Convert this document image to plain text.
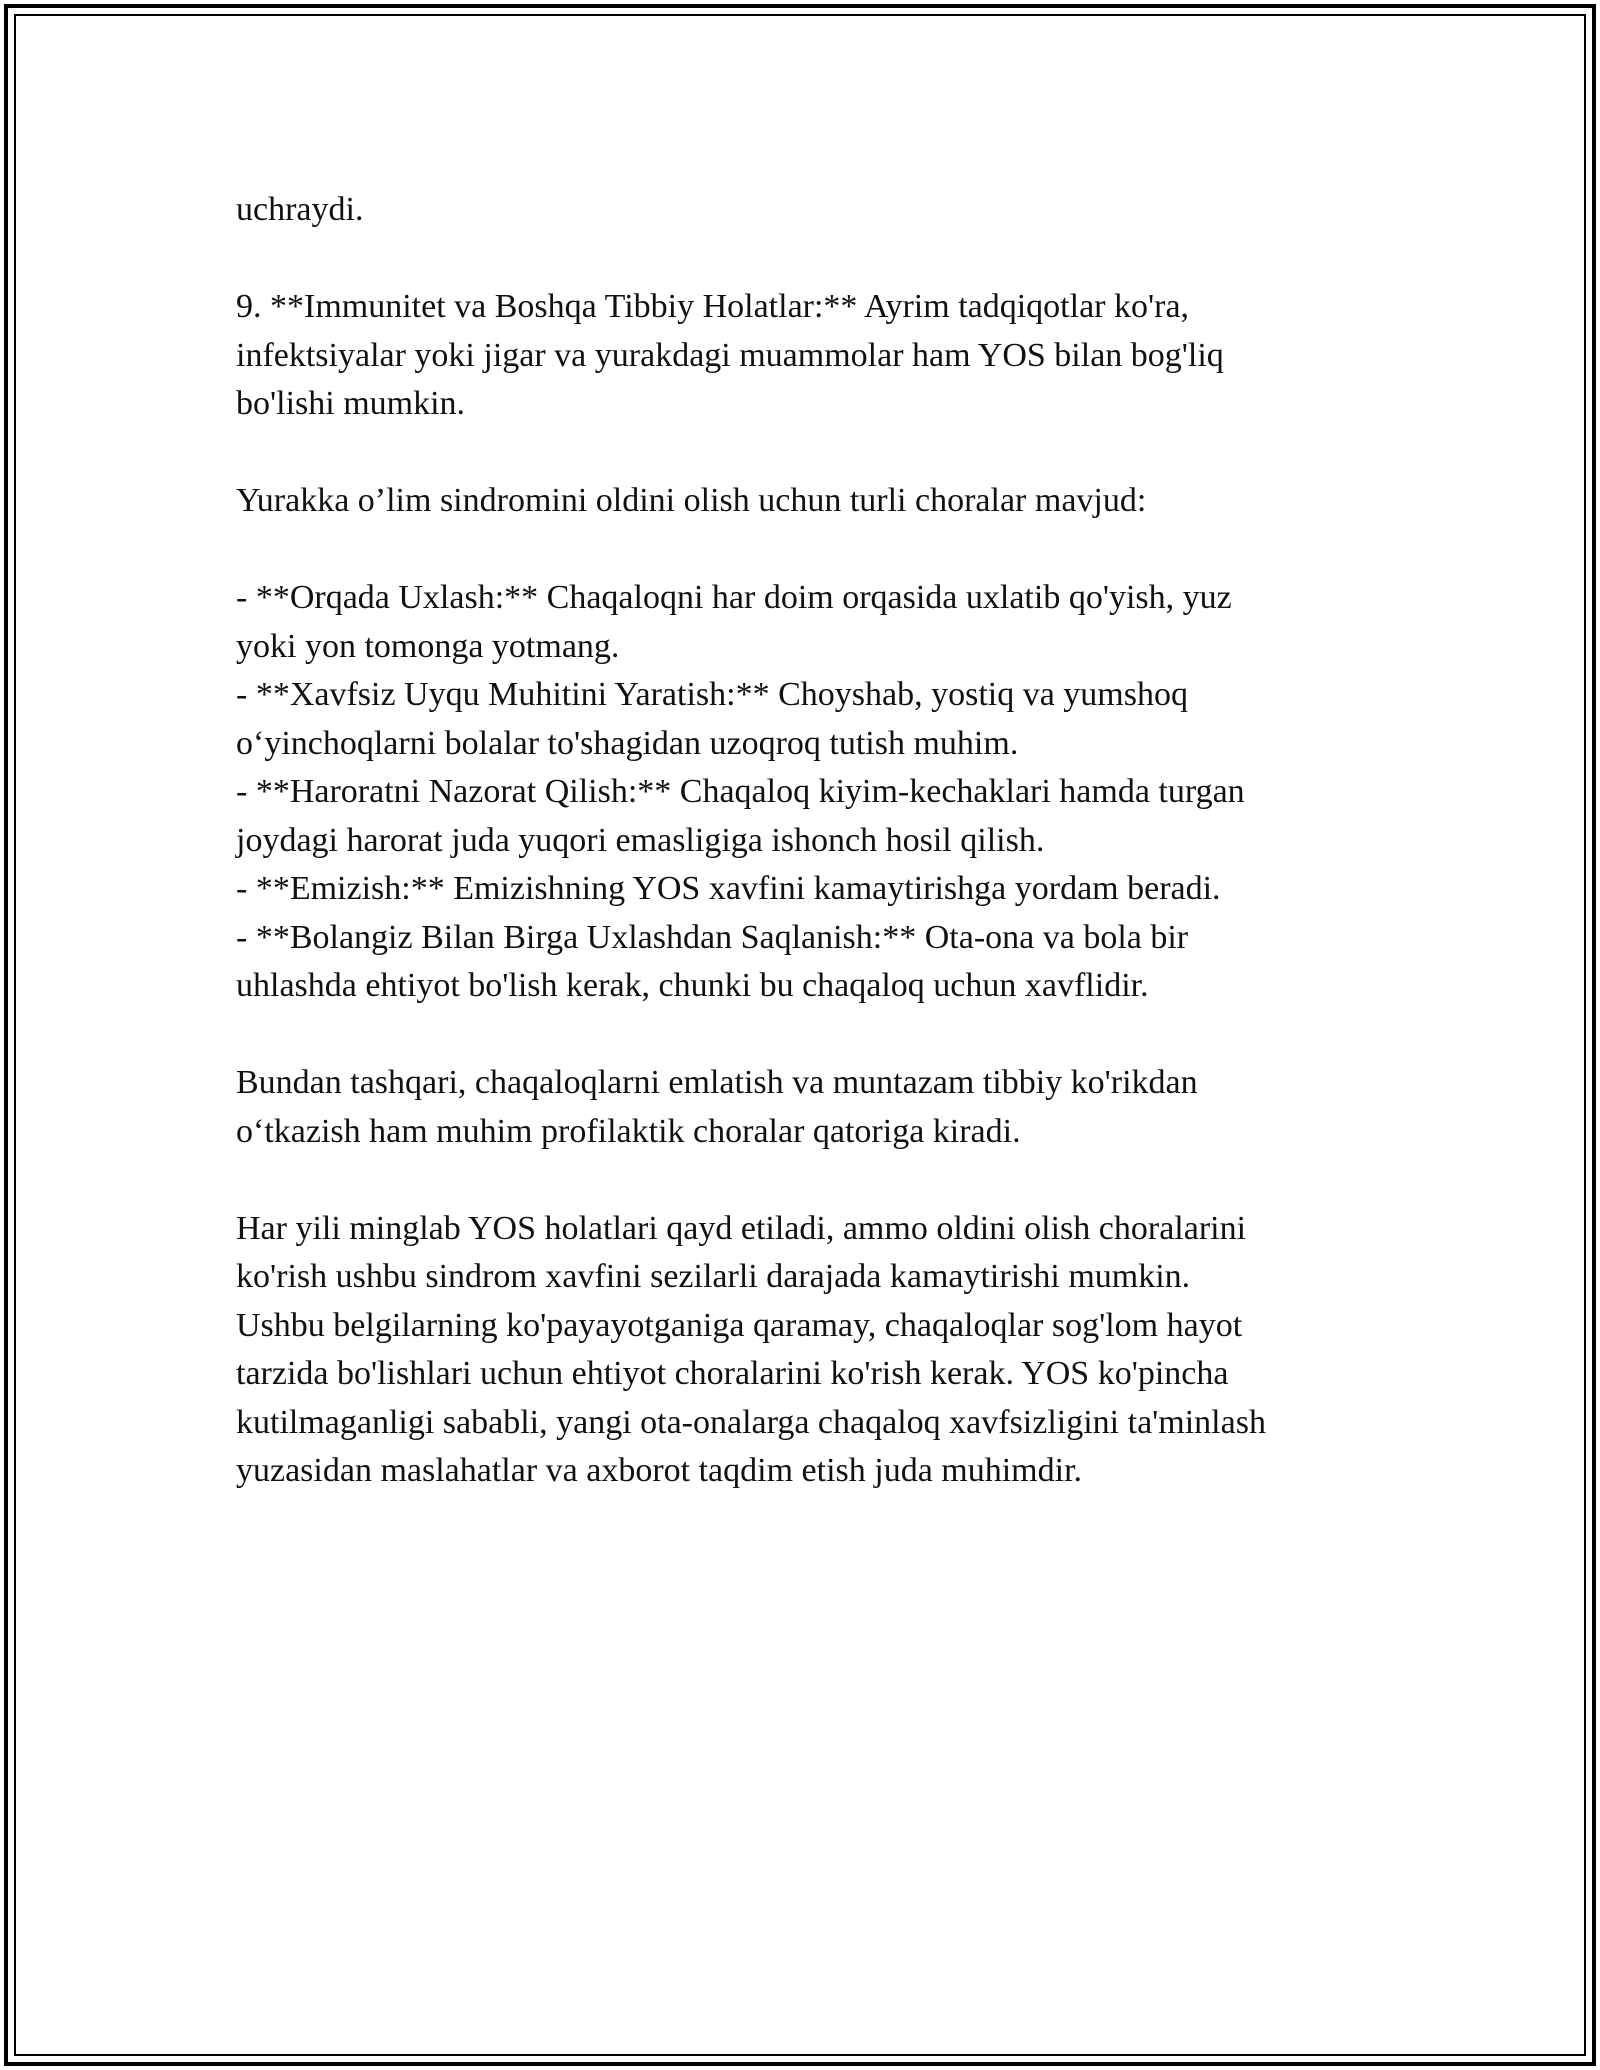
uchraydi.
9. **Immunitet va Boshqa Tibbiy Holatlar:** Ayrim tadqiqotlar ko'ra,
infektsiyalar yoki jigar va yurakdagi muammolar ham YOS bilan bog'liq
bo'lishi mumkin.
Yurakka o’lim sindromini oldini olish uchun turli choralar mavjud:
- **Orqada Uxlash:** Chaqaloqni har doim orqasida uxlatib qo'yish, yuz
yoki yon tomonga yotmang.
- **Xavfsiz Uyqu Muhitini Yaratish:** Choyshab, yostiq va yumshoq
o‘yinchoqlarni bolalar to'shagidan uzoqroq tutish muhim.
- **Haroratni Nazorat Qilish:** Chaqaloq kiyim-kechaklari hamda turgan
joydagi harorat juda yuqori emasligiga ishonch hosil qilish.
- **Emizish:** Emizishning YOS xavfini kamaytirishga yordam beradi.
- **Bolangiz Bilan Birga Uxlashdan Saqlanish:** Ota-ona va bola bir
uhlashda ehtiyot bo'lish kerak, chunki bu chaqaloq uchun xavflidir.
Bundan tashqari, chaqaloqlarni emlatish va muntazam tibbiy ko'rikdan
o‘tkazish ham muhim profilaktik choralar qatoriga kiradi.
Har yili minglab YOS holatlari qayd etiladi, ammo oldini olish choralarini
ko'rish ushbu sindrom xavfini sezilarli darajada kamaytirishi mumkin.
Ushbu belgilarning ko'payayotganiga qaramay, chaqaloqlar sog'lom hayot
tarzida bo'lishlari uchun ehtiyot choralarini ko'rish kerak. YOS ko'pincha
kutilmaganligi sababli, yangi ota-onalarga chaqaloq xavfsizligini ta'minlash
yuzasidan maslahatlar va axborot taqdim etish juda muhimdir.
